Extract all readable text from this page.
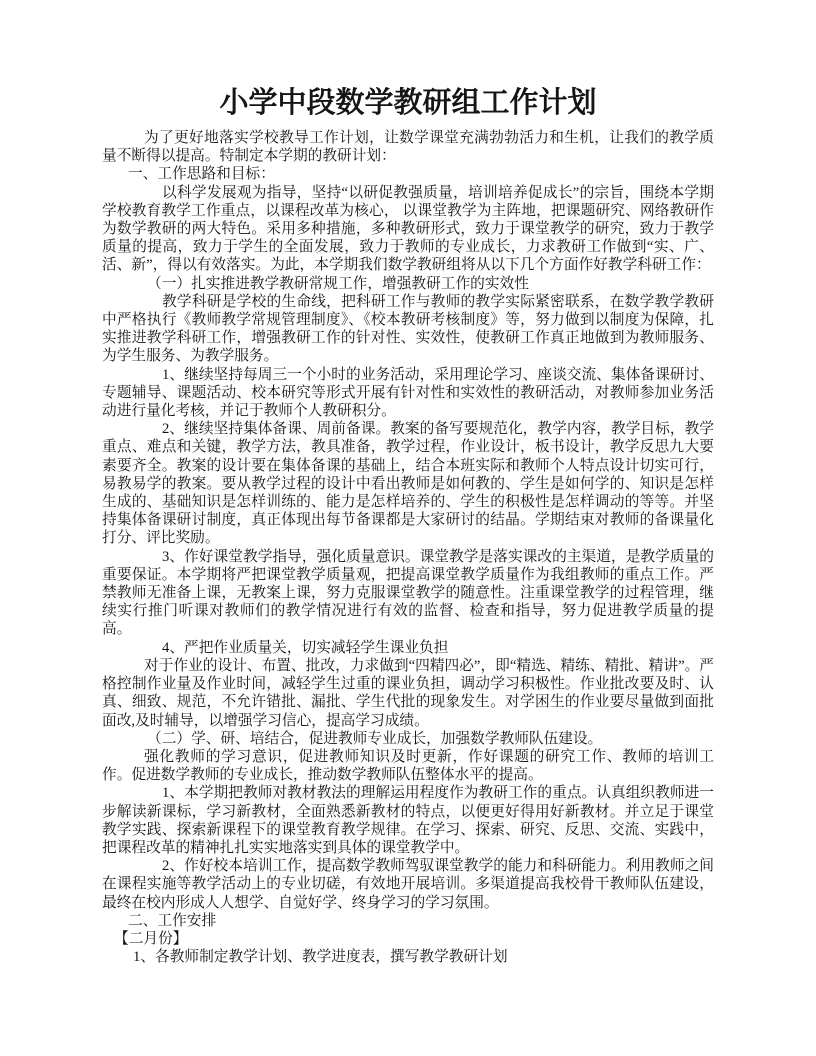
小学中段数学教研组工作计划

为了更好地落实学校教导工作计划，让数学课堂充满勃勃活力和生机，让我们的教学质量不断得以提高。特制定本学期的教研计划：

一、工作思路和目标：

以科学发展观为指导，坚持“以研促教强质量，培训培养促成长”的宗旨，围绕本学期学校教育教学工作重点，以课程改革为核心， 以课堂教学为主阵地，把课题研究、网络教研作为数学教研的两大特色。采用多种措施，多种教研形式，致力于课堂教学的研究，致力于教学质量的提高，致力于学生的全面发展，致力于教师的专业成长，力求教研工作做到“实、广、活、新”，得以有效落实。为此，本学期我们数学教研组将从以下几个方面作好教学科研工作：

（一）扎实推进教学教研常规工作，增强教研工作的实效性

教学科研是学校的生命线，把科研工作与教师的教学实际紧密联系，在数学教学教研中严格执行《教师教学常规管理制度》、《校本教研考核制度》等，努力做到以制度为保障，扎实推进教学科研工作，增强教研工作的针对性、实效性，使教研工作真正地做到为教师服务、为学生服务、为教学服务。

1、继续坚持每周三一个小时的业务活动，采用理论学习、座谈交流、集体备课研讨、专题辅导、课题活动、校本研究等形式开展有针对性和实效性的教研活动，对教师参加业务活动进行量化考核，并记于教师个人教研积分。

2、继续坚持集体备课、周前备课。教案的备写要规范化，教学内容，教学目标，教学重点、难点和关键，教学方法，教具准备，教学过程，作业设计，板书设计，教学反思九大要素要齐全。教案的设计要在集体备课的基础上，结合本班实际和教师个人特点设计切实可行，易教易学的教案。要从教学过程的设计中看出教师是如何教的、学生是如何学的、知识是怎样生成的、基础知识是怎样训练的、能力是怎样培养的、学生的积极性是怎样调动的等等。并坚持集体备课研讨制度，真正体现出每节备课都是大家研讨的结晶。学期结束对教师的备课量化打分、评比奖励。

3、作好课堂教学指导，强化质量意识。课堂教学是落实课改的主渠道，是教学质量的重要保证。本学期将严把课堂教学质量观，把提高课堂教学质量作为我组教师的重点工作。严禁教师无准备上课，无教案上课，努力克服课堂教学的随意性。注重课堂教学的过程管理，继续实行推门听课对教师们的教学情况进行有效的监督、检查和指导，努力促进教学质量的提高。

4、严把作业质量关，切实减轻学生课业负担

对于作业的设计、布置、批改，力求做到“四精四必”，即“精选、精练、精批、精讲”。严格控制作业量及作业时间，减轻学生过重的课业负担，调动学习积极性。作业批改要及时、认真、细致、规范，不允许错批、漏批、学生代批的现象发生。对学困生的作业要尽量做到面批面改,及时辅导，以增强学习信心，提高学习成绩。

（二）学、研、培结合，促进教师专业成长，加强数学教师队伍建设。

强化教师的学习意识，促进教师知识及时更新，作好课题的研究工作、教师的培训工作。促进数学教师的专业成长，推动数学教师队伍整体水平的提高。

1、本学期把教师对教材教法的理解运用程度作为教研工作的重点。认真组织教师进一步解读新课标，学习新教材，全面熟悉新教材的特点，以便更好得用好新教材。并立足于课堂教学实践、探索新课程下的课堂教育教学规律。在学习、探索、研究、反思、交流、实践中，把课程改革的精神扎扎实实地落实到具体的课堂教学中。

2、作好校本培训工作，提高数学教师驾驭课堂教学的能力和科研能力。利用教师之间在课程实施等教学活动上的专业切磋，有效地开展培训。多渠道提高我校骨干教师队伍建设，最终在校内形成人人想学、自觉好学、终身学习的学习氛围。

二、工作安排

【二月份】

1、各教师制定教学计划、教学进度表，撰写教学教研计划
